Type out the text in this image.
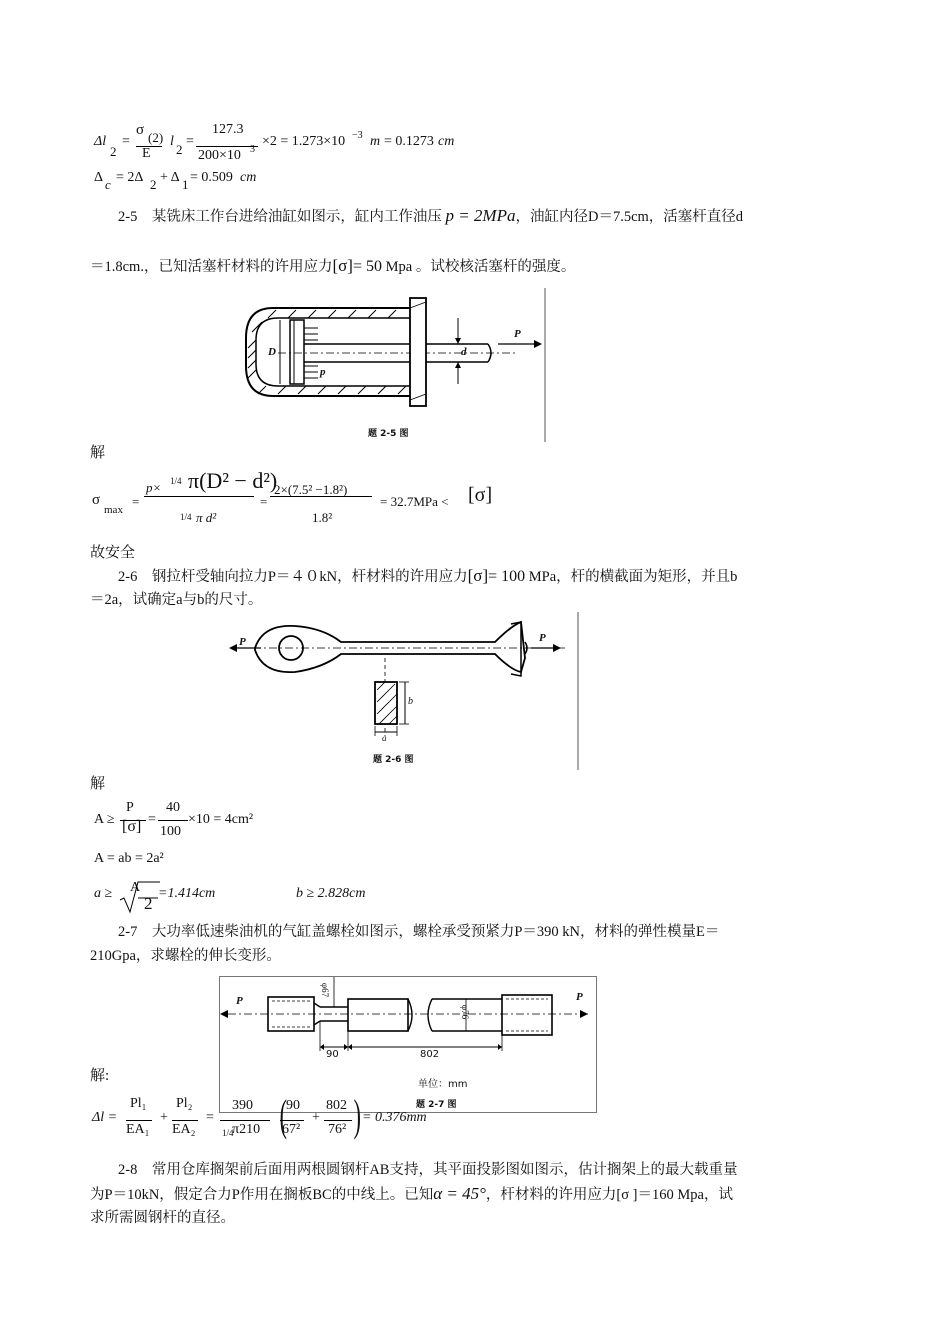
Δl
2
=
σ (2)
E
l
2
=
127.3
200×10 3
×2 = 1.273×10 −3 m = 0.1273 cm
Δ c = 2Δ 2 + Δ 1 = 0.509 cm
2-5　某铣床工作台进给油缸如图示，缸内工作油压 p = 2MPa，油缸内径D＝7.5cm，活塞杆直径d
＝1.8cm.，已知活塞杆材料的许用应力[σ]= 50 Mpa 。试校核活塞杆的强度。
D
p
d
P
题 2-5 图
解
σ
max
=
p× 1/4 π(D² − d²)
1/4 π d²
=
2×(7.5² −1.8²)
1.8²
= 32.7MPa < [σ]
故安全
2-6　钢拉杆受轴向拉力P＝４０kN，杆材料的许用应力[σ]= 100 MPa，杆的横截面为矩形，并且b
＝2a，试确定a与b的尺寸。
P	P
a
b
题 2-6 图
解
A ≥
P
[σ] =
40
100
×10 = 4cm²
A = ab = 2a²
a ≥ A
2
=1.414cm	b ≥ 2.828cm
2-7　大功率低速柴油机的气缸盖螺栓如图示，螺栓承受预紧力P＝390 kN，材料的弹性模量E＝
210Gpa，求螺栓的伸长变形。
P	P
φ67
φ76
90	802
单位：mm
题 2-7 图
解:
Δl =
Pl₁
EA₁
+
Pl₂
EA₂
=
390
1/4
π210 ( 90
67²
+
802
76² ) = 0.376mm
2-8　常用仓库搁架前后面用两根圆钢杆AB支持，其平面投影图如图示，估计搁架上的最大载重量
为P＝10kN，假定合力P作用在搁板BC的中线上。已知α = 45°，杆材料的许用应力[σ ]＝160 Mpa，试
求所需圆钢杆的直径。
